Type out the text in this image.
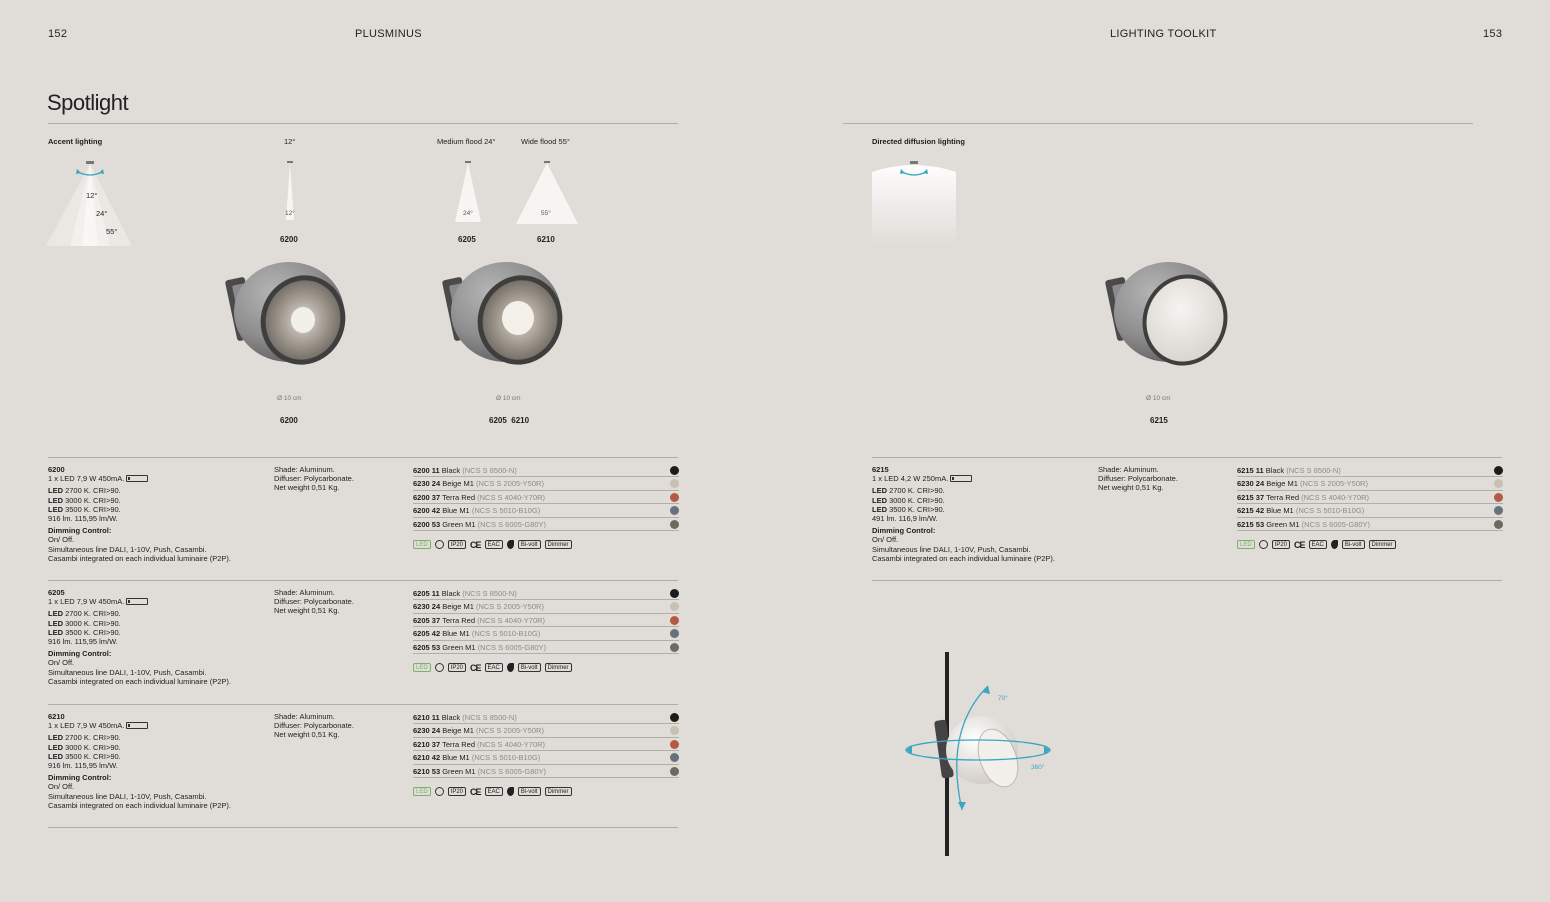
152	PLUSMINUS	LIGHTING TOOLKIT	153
Spotlight
Accent lighting
12°
24°
55°
12°
12°
6200
Medium flood 24°
24°
6205
Wide flood 55°
55°
6210
Ø 10 cm
6200
Ø 10 cm
6205  6210
Directed diffusion lighting
Ø 10 cm
6215
70°
360°
6200
1 x LED 7,9 W 450mA.
LED 2700 K. CRI>90.
LED 3000 K. CRI>90.
LED 3500 K. CRI>90.
916 lm. 115,95 lm/W.
Dimming Control:
On/ Off.
Simultaneous line DALI, 1-10V, Push, Casambi.
Casambi integrated on each individual luminaire (P2P).
Shade: Aluminum.
Diffuser: Polycarbonate.
Net weight 0,51 Kg.
6200 11 Black (NCS S 8500-N)
6230 24 Beige M1 (NCS S 2005-Y50R)
6200 37 Terra Red (NCS S 4040-Y70R)
6200 42 Blue M1 (NCS S 5010-B10G)
6200 53 Green M1 (NCS S 6005-G80Y)
LED	IP20 CE	EAC	Bi-volt	Dimmer
6205
1 x LED 7,9 W 450mA.
LED 2700 K. CRI>90.
LED 3000 K. CRI>90.
LED 3500 K. CRI>90.
916 lm. 115,95 lm/W.
Dimming Control:
On/ Off.
Simultaneous line DALI, 1-10V, Push, Casambi.
Casambi integrated on each individual luminaire (P2P).
Shade: Aluminum.
Diffuser: Polycarbonate.
Net weight 0,51 Kg.
6205 11 Black (NCS S 8500-N)
6230 24 Beige M1 (NCS S 2005-Y50R)
6205 37 Terra Red (NCS S 4040-Y70R)
6205 42 Blue M1 (NCS S 5010-B10G)
6205 53 Green M1 (NCS S 6005-G80Y)
LED	IP20 CE	EAC	Bi-volt	Dimmer
6210
1 x LED 7,9 W 450mA.
LED 2700 K. CRI>90.
LED 3000 K. CRI>90.
LED 3500 K. CRI>90.
916 lm. 115,95 lm/W.
Dimming Control:
On/ Off.
Simultaneous line DALI, 1-10V, Push, Casambi.
Casambi integrated on each individual luminaire (P2P).
Shade: Aluminum.
Diffuser: Polycarbonate.
Net weight 0,51 Kg.
6210 11 Black (NCS S 8500-N)
6230 24 Beige M1 (NCS S 2005-Y50R)
6210 37 Terra Red (NCS S 4040-Y70R)
6210 42 Blue M1 (NCS S 5010-B10G)
6210 53 Green M1 (NCS S 6005-G80Y)
LED	IP20 CE	EAC	Bi-volt	Dimmer
6215
1 x LED 4,2 W 250mA.
LED 2700 K. CRI>90.
LED 3000 K. CRI>90.
LED 3500 K. CRI>90.
491 lm. 116,9 lm/W.
Dimming Control:
On/ Off.
Simultaneous line DALI, 1-10V, Push, Casambi.
Casambi integrated on each individual luminaire (P2P).
Shade: Aluminum.
Diffuser: Polycarbonate.
Net weight 0,51 Kg.
6215 11 Black (NCS S 8500-N)
6230 24 Beige M1 (NCS S 2005-Y50R)
6215 37 Terra Red (NCS S 4040-Y70R)
6215 42 Blue M1 (NCS S 5010-B10G)
6215 53 Green M1 (NCS S 6005-G80Y)
LED	IP20 CE	EAC	Bi-volt	Dimmer
